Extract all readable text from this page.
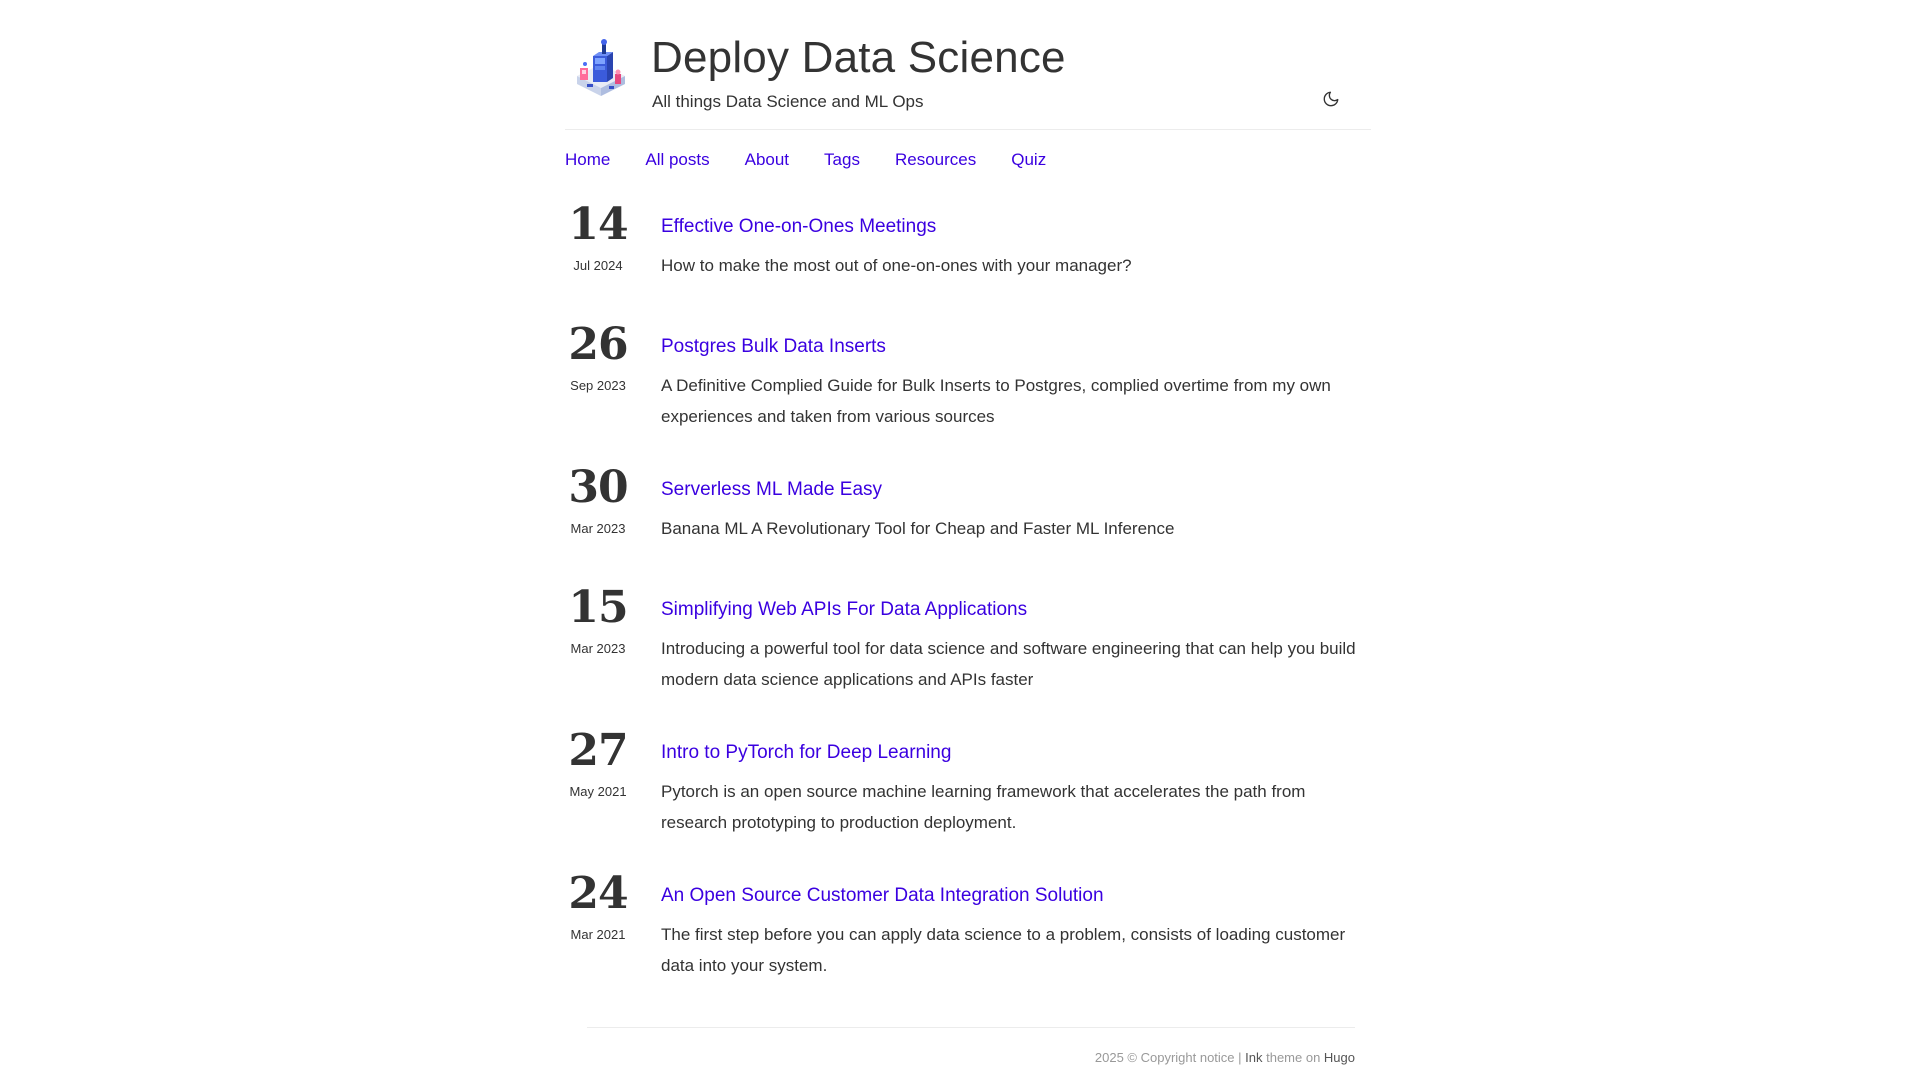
Deploy Data Science
All things Data Science and ML Ops
Home All posts About Tags Resources Quiz
14
Jul 2024
Effective One-on-Ones Meetings

How to make the most out of one-on-ones with your manager?

26
Sep 2023
Postgres Bulk Data Inserts

A Definitive Complied Guide for Bulk Inserts to Postgres, complied overtime from my own experiences and taken from various sources

30
Mar 2023
Serverless ML Made Easy

Banana ML A Revolutionary Tool for Cheap and Faster ML Inference

15
Mar 2023
Simplifying Web APIs For Data Applications

Introducing a powerful tool for data science and software engineering that can help you build modern data science applications and APIs faster

27
May 2021
Intro to PyTorch for Deep Learning

Pytorch is an open source machine learning framework that accelerates the path from research prototyping to production deployment.

24
Mar 2021
An Open Source Customer Data Integration Solution

The first step before you can apply data science to a problem, consists of loading customer data into your system.

2025 © Copyright notice | Ink theme on Hugo
